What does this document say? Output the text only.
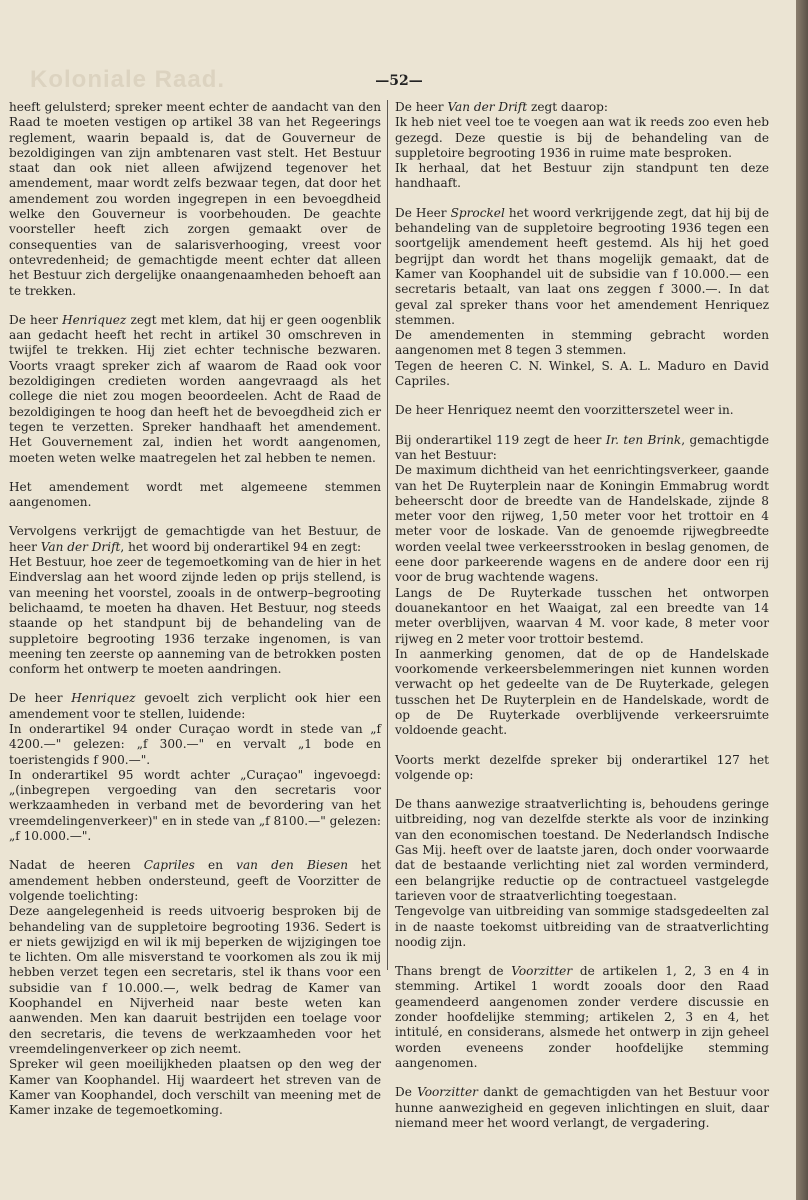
Koloniale Raad.	—52—

heeft gelulsterd; spreker meent echter de aandacht van den Raad te moeten vestigen op artikel 38 van het Regeerings reglement, waarin bepaald is, dat de Gouverneur de bezoldigingen van zijn ambtenaren vast stelt. Het Bestuur staat dan ook niet alleen afwijzend tegenover het amendement, maar wordt zelfs bezwaar tegen, dat door het amendement zou worden ingegrepen in een bevoegdheid welke den Gouverneur is voorbehouden. De geachte voorsteller heeft zich zorgen gemaakt over de consequenties van de salarisverhooging, vreest voor ontevredenheid; de gemachtigde meent echter dat alleen het Bestuur zich dergelijke onaangenaamheden behoeft aan te trekken.

De heer Henriquez zegt met klem, dat hij er geen oogenblik aan gedacht heeft het recht in artikel 30 omschreven in twijfel te trekken. Hij ziet echter technische bezwaren. Voorts vraagt spreker zich af waarom de Raad ook voor bezoldigingen credieten worden aangevraagd als het college die niet zou mogen beoordeelen. Acht de Raad de bezoldigingen te hoog dan heeft het de bevoegdheid zich er tegen te verzetten. Spreker handhaaft het amendement. Het Gouvernement zal, indien het wordt aangenomen, moeten weten welke maatregelen het zal hebben te nemen.

Het amendement wordt met algemeene stemmen aangenomen.

Vervolgens verkrijgt de gemachtigde van het Bestuur, de heer Van der Drift, het woord bij onderartikel 94 en zegt:

Het Bestuur, hoe zeer de tegemoetkoming van de hier in het Eindverslag aan het woord zijnde leden op prijs stellend, is van meening het voorstel, zooals in de ontwerp–begrooting belichaamd, te moeten ha dhaven. Het Bestuur, nog steeds staande op het standpunt bij de behandeling van de suppletoire begrooting 1936 terzake ingenomen, is van meening ten zeerste op aanneming van de betrokken posten conform het ontwerp te moeten aandringen.

De heer Henriquez gevoelt zich verplicht ook hier een amendement voor te stellen, luidende:

In onderartikel 94 onder Curaçao wordt in stede van „f 4200.—" gelezen: „f 300.—" en vervalt „1 bode en toeristengids f 900.—".

In onderartikel 95 wordt achter „Curaçao" ingevoegd: „(inbegrepen vergoeding van den secretaris voor werkzaamheden in verband met de bevordering van het vreemdelingenverkeer)" en in stede van „f 8100.—" gelezen: „f 10.000.—".

Nadat de heeren Capriles en van den Biesen het amendement hebben ondersteund, geeft de Voorzitter de volgende toelichting:

Deze aangelegenheid is reeds uitvoerig besproken bij de behandeling van de suppletoire begrooting 1936. Sedert is er niets gewijzigd en wil ik mij beperken de wijzigingen toe te lichten. Om alle misverstand te voorkomen als zou ik mij hebben verzet tegen een secretaris, stel ik thans voor een subsidie van f 10.000.—, welk bedrag de Kamer van Koophandel en Nijverheid naar beste weten kan aanwenden. Men kan daaruit bestrijden een toelage voor den secretaris, die tevens de werkzaamheden voor het vreemdelingenverkeer op zich neemt.

Spreker wil geen moeilijkheden plaatsen op den weg der Kamer van Koophandel. Hij waardeert het streven van de Kamer van Koophandel, doch verschilt van meening met de Kamer inzake de tegemoetkoming.

De heer Van der Drift zegt daarop:

Ik heb niet veel toe te voegen aan wat ik reeds zoo even heb gezegd. Deze questie is bij de behandeling van de suppletoire begrooting 1936 in ruime mate besproken.

Ik herhaal, dat het Bestuur zijn standpunt ten deze handhaaft.

De Heer Sprockel het woord verkrijgende zegt, dat hij bij de behandeling van de suppletoire begrooting 1936 tegen een soortgelijk amendement heeft gestemd. Als hij het goed begrijpt dan wordt het thans mogelijk gemaakt, dat de Kamer van Koophandel uit de subsidie van f 10.000.— een secretaris betaalt, van laat ons zeggen f 3000.—. In dat geval zal spreker thans voor het amendement Henriquez stemmen.

De amendementen in stemming gebracht worden aangenomen met 8 tegen 3 stemmen.

Tegen de heeren C. N. Winkel, S. A. L. Maduro en David Capriles.

De heer Henriquez neemt den voorzitterszetel weer in.

Bij onderartikel 119 zegt de heer Ir. ten Brink, gemachtigde van het Bestuur:

De maximum dichtheid van het eenrichtingsverkeer, gaande van het De Ruyterplein naar de Koningin Emmabrug wordt beheerscht door de breedte van de Handelskade, zijnde 8 meter voor den rijweg, 1,50 meter voor het trottoir en 4 meter voor de loskade. Van de genoemde rijwegbreedte worden veelal twee verkeersstrooken in beslag genomen, de eene door parkeerende wagens en de andere door een rij voor de brug wachtende wagens.

Langs de De Ruyterkade tusschen het ontworpen douanekantoor en het Waaigat, zal een breedte van 14 meter overblijven, waarvan 4 M. voor kade, 8 meter voor rijweg en 2 meter voor trottoir bestemd.

In aanmerking genomen, dat de op de Handelskade voorkomende verkeersbelemmeringen niet kunnen worden verwacht op het gedeelte van de De Ruyterkade, gelegen tusschen het De Ruyterplein en de Handelskade, wordt de op de De Ruyterkade overblijvende verkeersruimte voldoende geacht.

Voorts merkt dezelfde spreker bij onderartikel 127 het volgende op:

De thans aanwezige straatverlichting is, behoudens geringe uitbreiding, nog van dezelfde sterkte als voor de inzinking van den economischen toestand. De Nederlandsch Indische Gas Mij. heeft over de laatste jaren, doch onder voorwaarde dat de bestaande verlichting niet zal worden verminderd, een belangrijke reductie op de contractueel vastgelegde tarieven voor de straatverlichting toegestaan.

Tengevolge van uitbreiding van sommige stadsgedeelten zal in de naaste toekomst uitbreiding van de straatverlichting noodig zijn.

Thans brengt de Voorzitter de artikelen 1, 2, 3 en 4 in stemming. Artikel 1 wordt zooals door den Raad geamendeerd aangenomen zonder verdere discussie en zonder hoofdelijke stemming; artikelen 2, 3 en 4, het intitulé, en considerans, alsmede het ontwerp in zijn geheel worden eveneens zonder hoofdelijke stemming aangenomen.

De Voorzitter dankt de gemachtigden van het Bestuur voor hunne aanwezigheid en gegeven inlichtingen en sluit, daar niemand meer het woord verlangt, de vergadering.
